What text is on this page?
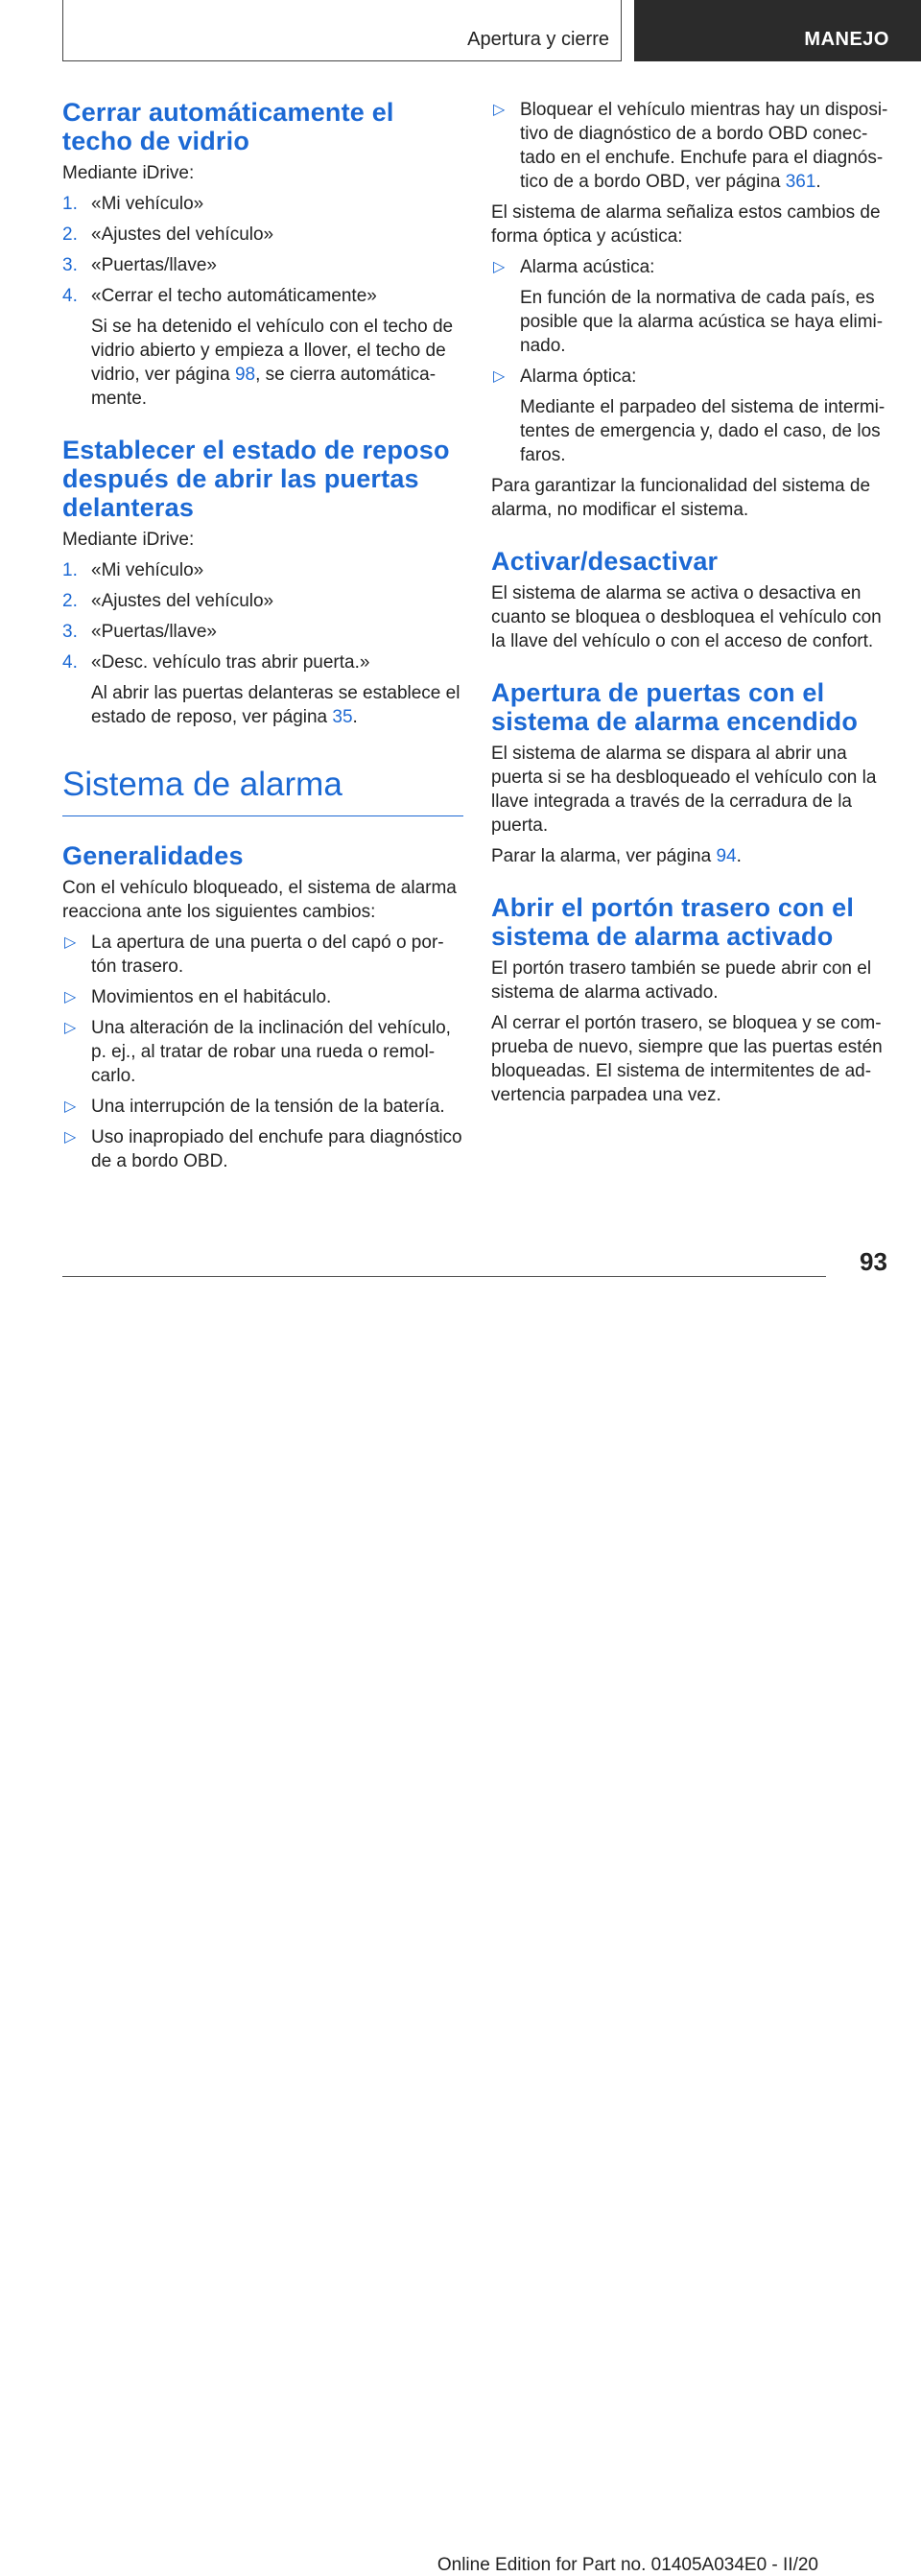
Apertura y cierre	MANEJO
Cerrar automáticamente el techo de vidrio

Mediante iDrive:

1. «Mi vehículo»
2. «Ajustes del vehículo»
3. «Puertas/llave»
4. «Cerrar el techo automáticamente»
Si se ha detenido el vehículo con el techo de vidrio abierto y empieza a llover, el techo de vidrio, ver página 98, se cierra automática-mente.
Establecer el estado de reposo después de abrir las puertas delanteras

Mediante iDrive:

1. «Mi vehículo»
2. «Ajustes del vehículo»
3. «Puertas/llave»
4. «Desc. vehículo tras abrir puerta.»
Al abrir las puertas delanteras se establece el estado de reposo, ver página 35.
Sistema de alarma
Generalidades

Con el vehículo bloqueado, el sistema de alarma reacciona ante los siguientes cambios:

▷ La apertura de una puerta o del capó o por-tón trasero.
▷ Movimientos en el habitáculo.
▷ Una alteración de la inclinación del vehículo, p. ej., al tratar de robar una rueda o remol-carlo.
▷ Una interrupción de la tensión de la batería.
▷ Uso inapropiado del enchufe para diagnóstico de a bordo OBD.
▷ Bloquear el vehículo mientras hay un disposi-tivo de diagnóstico de a bordo OBD conec-tado en el enchufe. Enchufe para el diagnós-tico de a bordo OBD, ver página 361.

El sistema de alarma señaliza estos cambios de forma óptica y acústica:

▷ Alarma acústica:
En función de la normativa de cada país, es posible que la alarma acústica se haya elimi-nado.
▷ Alarma óptica:
Mediante el parpadeo del sistema de intermi-tentes de emergencia y, dado el caso, de los faros.

Para garantizar la funcionalidad del sistema de alarma, no modificar el sistema.

Activar/desactivar

El sistema de alarma se activa o desactiva en cuanto se bloquea o desbloquea el vehículo con la llave del vehículo o con el acceso de confort.

Apertura de puertas con el sistema de alarma encendido

El sistema de alarma se dispara al abrir una puerta si se ha desbloqueado el vehículo con la llave integrada a través de la cerradura de la puerta.

Parar la alarma, ver página 94.

Abrir el portón trasero con el sistema de alarma activado

El portón trasero también se puede abrir con el sistema de alarma activado.

Al cerrar el portón trasero, se bloquea y se com-prueba de nuevo, siempre que las puertas estén bloqueadas. El sistema de intermitentes de ad-vertencia parpadea una vez.

93
Online Edition for Part no. 01405A034E0 - II/20
